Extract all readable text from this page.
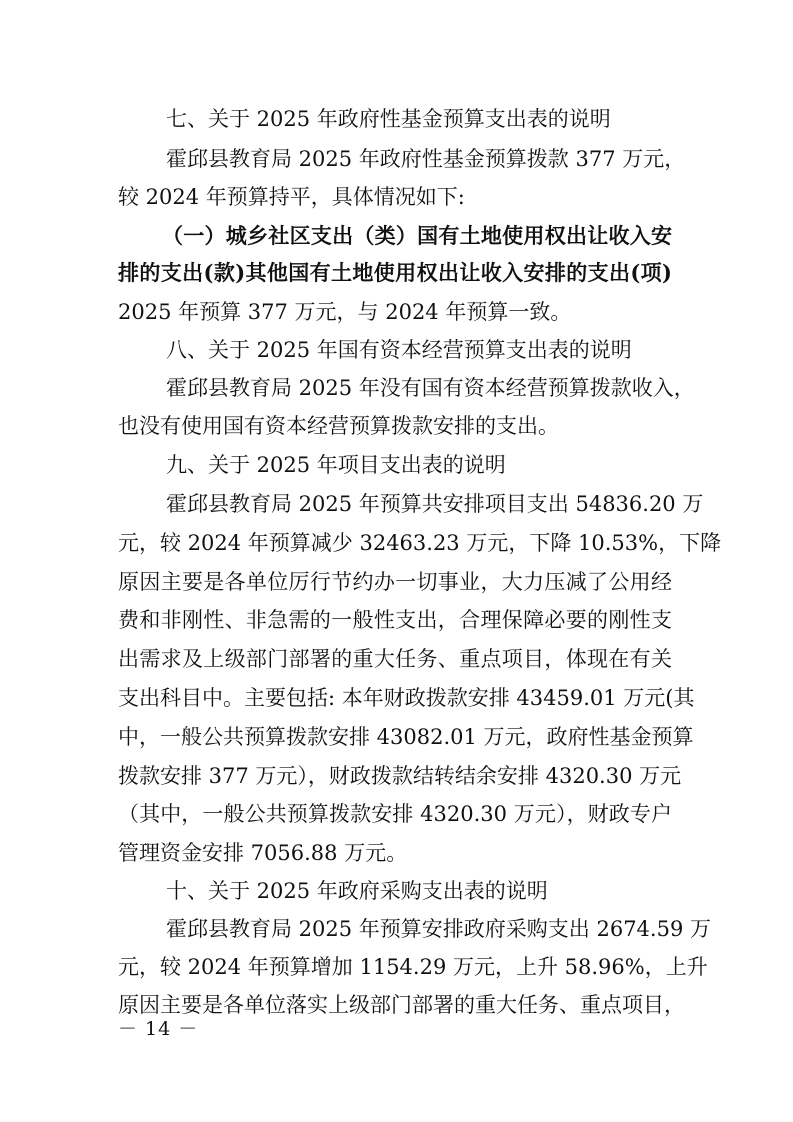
七、关于 2025 年政府性基金预算支出表的说明
霍邱县教育局 2025 年政府性基金预算拨款 377 万元，
较 2024 年预算持平，具体情况如下:
（一）城乡社区支出（类）国有土地使用权出让收入安
排的支出(款)其他国有土地使用权出让收入安排的支出(项)
2025 年预算 377 万元，与 2024 年预算一致。
八、关于 2025 年国有资本经营预算支出表的说明
霍邱县教育局 2025 年没有国有资本经营预算拨款收入，
也没有使用国有资本经营预算拨款安排的支出。
九、关于 2025 年项目支出表的说明
霍邱县教育局 2025 年预算共安排项目支出 54836.20 万
元，较 2024 年预算减少 32463.23 万元，下降 10.53%，下降
原因主要是各单位厉行节约办一切事业，大力压减了公用经
费和非刚性、非急需的一般性支出，合理保障必要的刚性支
出需求及上级部门部署的重大任务、重点项目，体现在有关
支出科目中。主要包括: 本年财政拨款安排 43459.01 万元(其
中，一般公共预算拨款安排 43082.01 万元，政府性基金预算
拨款安排 377 万元），财政拨款结转结余安排 4320.30 万元
（其中，一般公共预算拨款安排 4320.30 万元），财政专户
管理资金安排 7056.88 万元。
十、关于 2025 年政府采购支出表的说明
霍邱县教育局 2025 年预算安排政府采购支出 2674.59 万
元，较 2024 年预算增加 1154.29 万元，上升 58.96%，上升
原因主要是各单位落实上级部门部署的重大任务、重点项目，
－ 14 －
